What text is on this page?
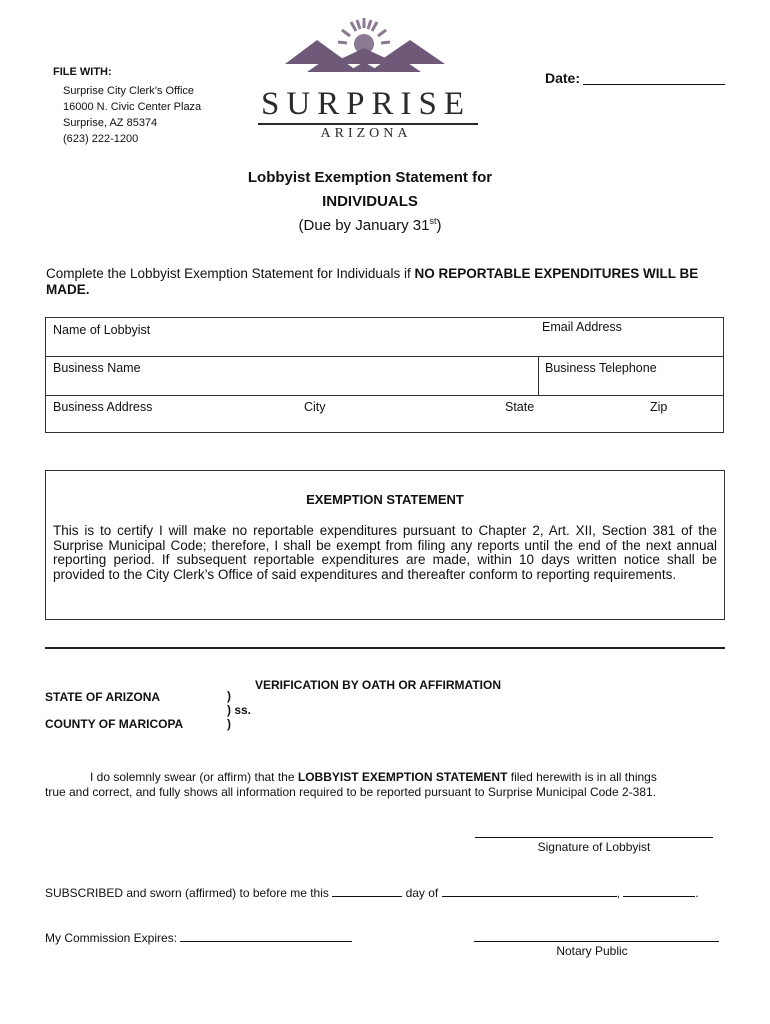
FILE WITH:
Surprise City Clerk’s Office
16000 N. Civic Center Plaza
Surprise, AZ 85374
(623) 222-1200
SURPRISE
ARIZONA
Date:
Lobbyist Exemption Statement for
INDIVIDUALS
(Due by January 31st)
Complete the Lobbyist Exemption Statement for Individuals if NO REPORTABLE EXPENDITURES WILL BE MADE.
Name of Lobbyist	Email Address
Business Name	Business Telephone
Business Address	City	State	Zip
EXEMPTION STATEMENT
This is to certify I will make no reportable expenditures pursuant to Chapter 2, Art. XII, Section 381 of the Surprise Municipal Code; therefore, I shall be exempt from filing any reports until the end of the next annual reporting period. If subsequent reportable expenditures are made, within 10 days written notice shall be provided to the City Clerk’s Office of said expenditures and thereafter conform to reporting requirements.
VERIFICATION BY OATH OR AFFIRMATION
STATE OF ARIZONA
COUNTY OF MARICOPA
)
) ss.
)
I do solemnly swear (or affirm) that the LOBBYIST EXEMPTION STATEMENT filed herewith is in all things
true and correct, and fully shows all information required to be reported pursuant to Surprise Municipal Code 2-381.
Signature of Lobbyist
SUBSCRIBED and sworn (affirmed) to before me this	day of	,	.
My Commission Expires:
Notary Public
